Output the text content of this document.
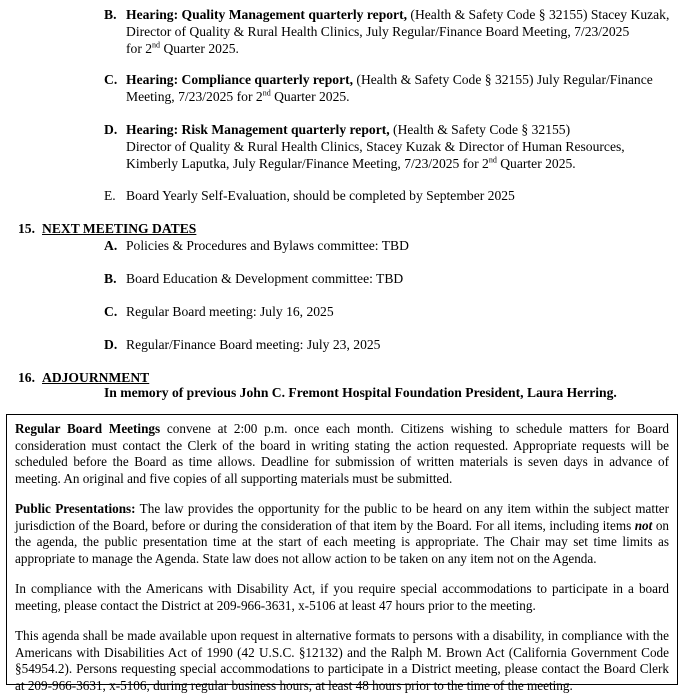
B. Hearing: Quality Management quarterly report, (Health & Safety Code § 32155) Stacey Kuzak,
Director of Quality & Rural Health Clinics, July Regular/Finance Board Meeting, 7/23/2025
for 2nd Quarter 2025.
C. Hearing: Compliance quarterly report, (Health & Safety Code § 32155) July Regular/Finance
Meeting, 7/23/2025 for 2nd Quarter 2025.
D. Hearing: Risk Management quarterly report, (Health & Safety Code § 32155)
Director of Quality & Rural Health Clinics, Stacey Kuzak & Director of Human Resources,
Kimberly Laputka, July Regular/Finance Meeting, 7/23/2025 for 2nd Quarter 2025.
E. Board Yearly Self-Evaluation, should be completed by September 2025
15. NEXT MEETING DATES
A. Policies & Procedures and Bylaws committee: TBD
B. Board Education & Development committee: TBD
C. Regular Board meeting: July 16, 2025
D. Regular/Finance Board meeting: July 23, 2025
16. ADJOURNMENT
In memory of previous John C. Fremont Hospital Foundation President, Laura Herring.

Regular Board Meetings convene at 2:00 p.m. once each month. Citizens wishing to schedule matters for Board consideration must contact the Clerk of the board in writing stating the action requested. Appropriate requests will be scheduled before the Board as time allows. Deadline for submission of written materials is seven days in advance of meeting. An original and five copies of all supporting materials must be submitted.

Public Presentations: The law provides the opportunity for the public to be heard on any item within the subject matter jurisdiction of the Board, before or during the consideration of that item by the Board. For all items, including items not on the agenda, the public presentation time at the start of each meeting is appropriate. The Chair may set time limits as appropriate to manage the Agenda. State law does not allow action to be taken on any item not on the Agenda.

In compliance with the Americans with Disability Act, if you require special accommodations to participate in a board meeting, please contact the District at 209-966-3631, x-5106 at least 47 hours prior to the meeting.

This agenda shall be made available upon request in alternative formats to persons with a disability, in compliance with the Americans with Disabilities Act of 1990 (42 U.S.C. §12132) and the Ralph M. Brown Act (California Government Code §54954.2). Persons requesting special accommodations to participate in a District meeting, please contact the Board Clerk at 209-966-3631, x-5106, during regular business hours, at least 48 hours prior to the time of the meeting.
